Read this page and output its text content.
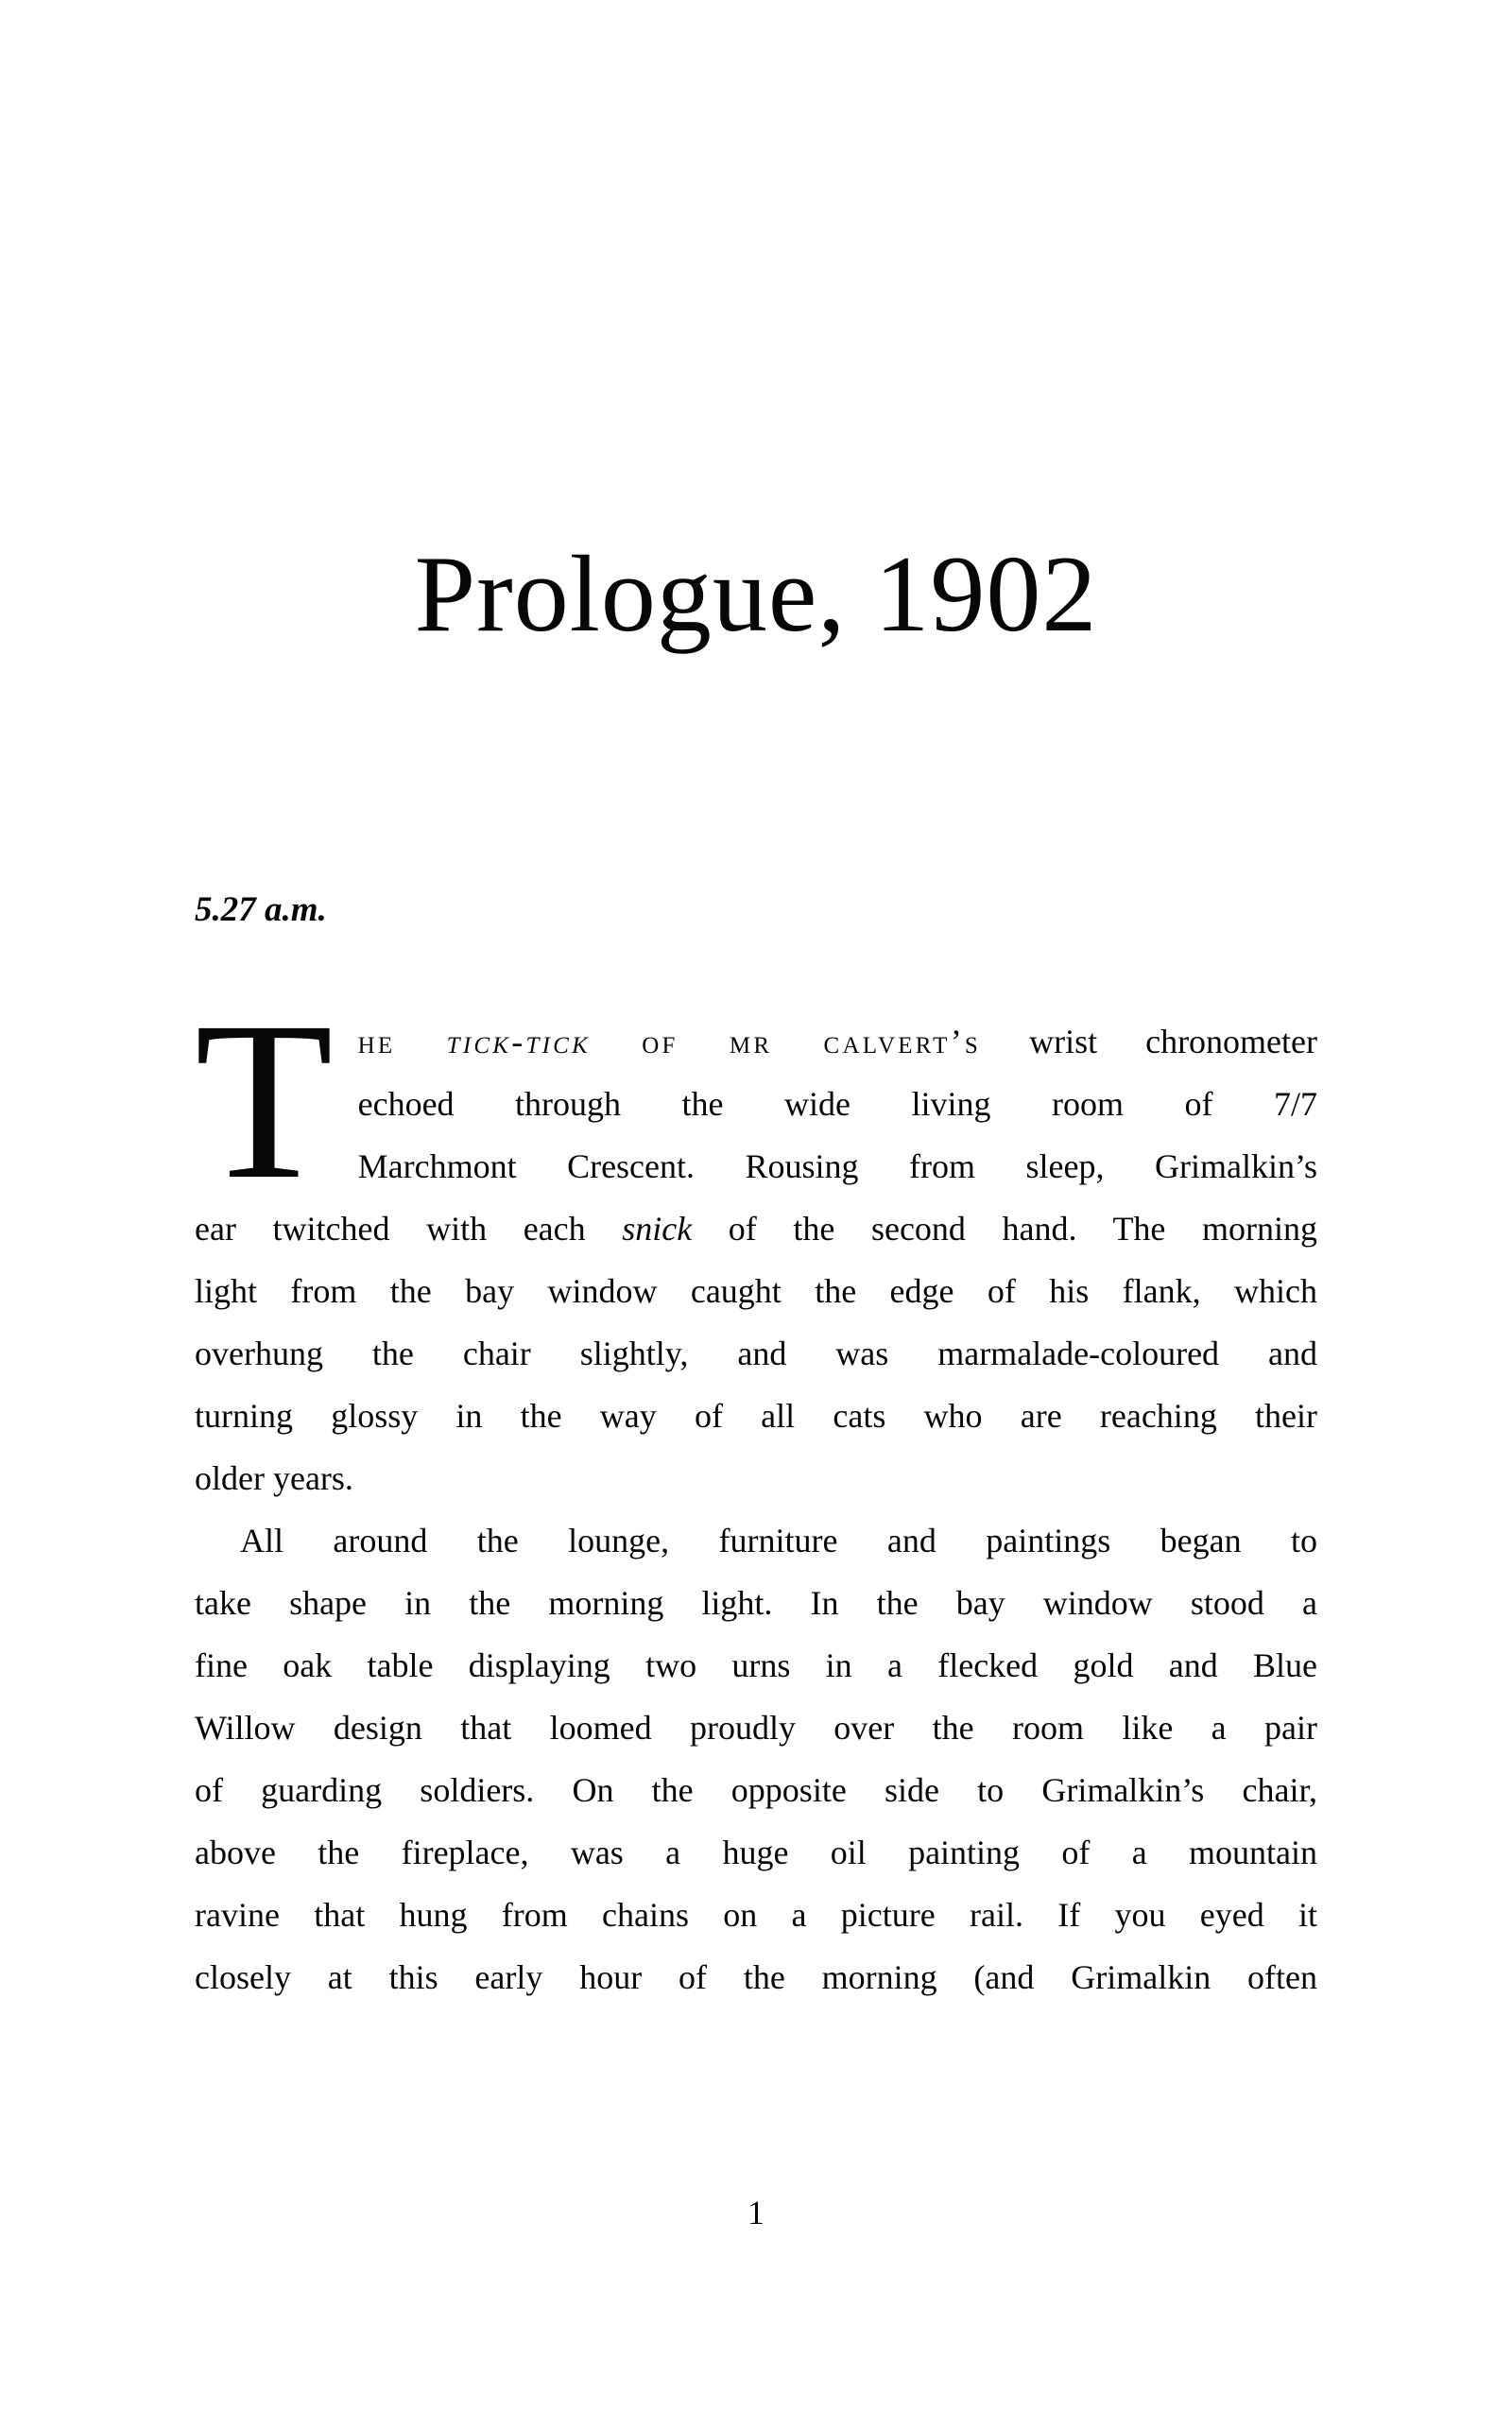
Prologue, 1902
5.27 a.m.
T he tick-tick of mr calvert’s wrist chronometer
echoed through the wide living room of 7/7
Marchmont Crescent. Rousing from sleep, Grimalkin’s
ear twitched with each snick of the second hand. The morning
light from the bay window caught the edge of his flank, which
overhung the chair slightly, and was marmalade-coloured and
turning glossy in the way of all cats who are reaching their
older years.
All around the lounge, furniture and paintings began to
take shape in the morning light. In the bay window stood a
fine oak table displaying two urns in a flecked gold and Blue
Willow design that loomed proudly over the room like a pair
of guarding soldiers. On the opposite side to Grimalkin’s chair,
above the fireplace, was a huge oil painting of a mountain
ravine that hung from chains on a picture rail. If you eyed it
closely at this early hour of the morning (and Grimalkin often
1
